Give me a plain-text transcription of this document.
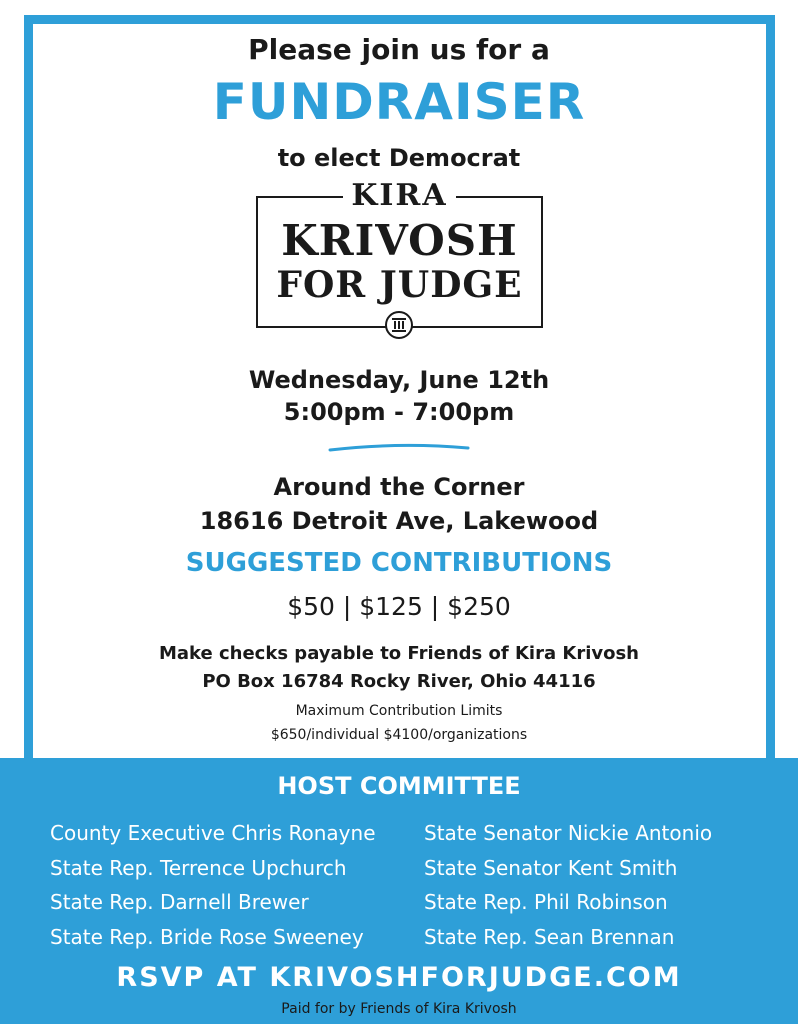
Please join us for a
FUNDRAISER
to elect Democrat
KIRA
KRIVOSH
FOR JUDGE
Wednesday, June 12th
5:00pm - 7:00pm
Around the Corner
18616 Detroit Ave, Lakewood
SUGGESTED CONTRIBUTIONS
$50 | $125 | $250
Make checks payable to Friends of Kira Krivosh
PO Box 16784 Rocky River, Ohio 44116
Maximum Contribution Limits
$650/individual $4100/organizations
HOST COMMITTEE
County Executive Chris Ronayne
State Rep. Terrence Upchurch
State Rep. Darnell Brewer
State Rep. Bride Rose Sweeney
State Senator Nickie Antonio
State Senator Kent Smith
State Rep. Phil Robinson
State Rep. Sean Brennan
RSVP AT KRIVOSHFORJUDGE.COM
Paid for by Friends of Kira Krivosh
